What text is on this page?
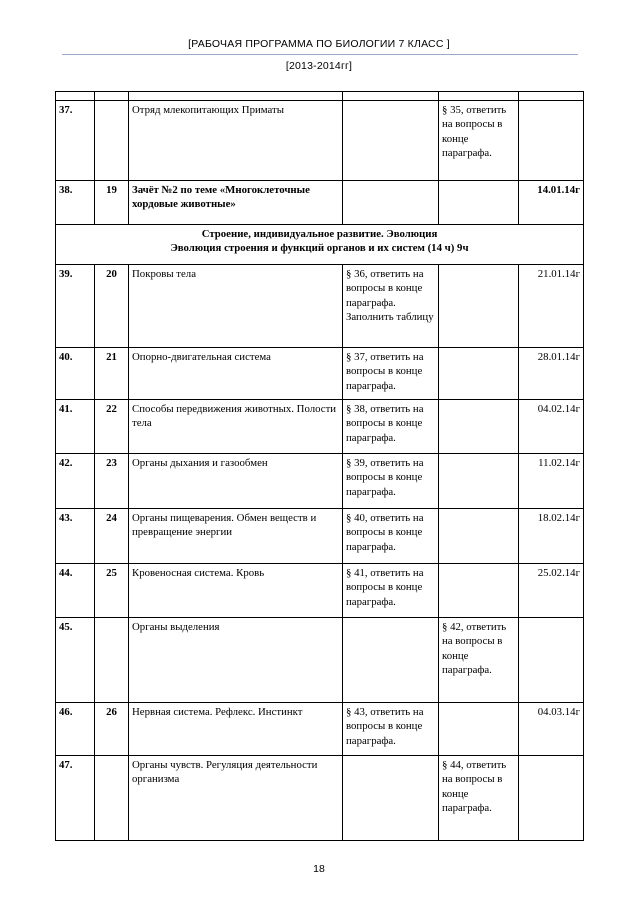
[РАБОЧАЯ ПРОГРАММА ПО БИОЛОГИИ 7 КЛАСС ]
[2013-2014гг]

37.		Отряд млекопитающих Приматы		§ 35, ответить на вопросы в конце параграфа.	
38.	19	Зачёт №2 по теме «Многоклеточные хордовые животные»			14.01.14г

Строение, индивидуальное развитие. Эволюция
Эволюция строения и функций органов и их систем (14 ч) 9ч					

39.	20	Покровы тела	§ 36, ответить на вопросы в конце параграфа. Заполнить таблицу		21.01.14г
40.	21	Опорно-двигательная система	§ 37, ответить на вопросы в конце параграфа.		28.01.14г
41.	22	Способы передвижения животных. Полости тела	§ 38, ответить на вопросы в конце параграфа.		04.02.14г
42.	23	Органы дыхания и газообмен	§ 39, ответить на вопросы в конце параграфа.		11.02.14г
43.	24	Органы пищеварения. Обмен веществ и превращение энергии	§ 40, ответить на вопросы в конце параграфа.		18.02.14г
44.	25	Кровеносная система. Кровь	§ 41, ответить на вопросы в конце параграфа.		25.02.14г
45.		Органы выделения		§ 42, ответить на вопросы в конце параграфа.	
46.	26	Нервная система. Рефлекс. Инстинкт	§ 43, ответить на вопросы в конце параграфа.		04.03.14г
47.		Органы чувств. Регуляция деятельности организма		§ 44, ответить на вопросы в конце параграфа.	
18
